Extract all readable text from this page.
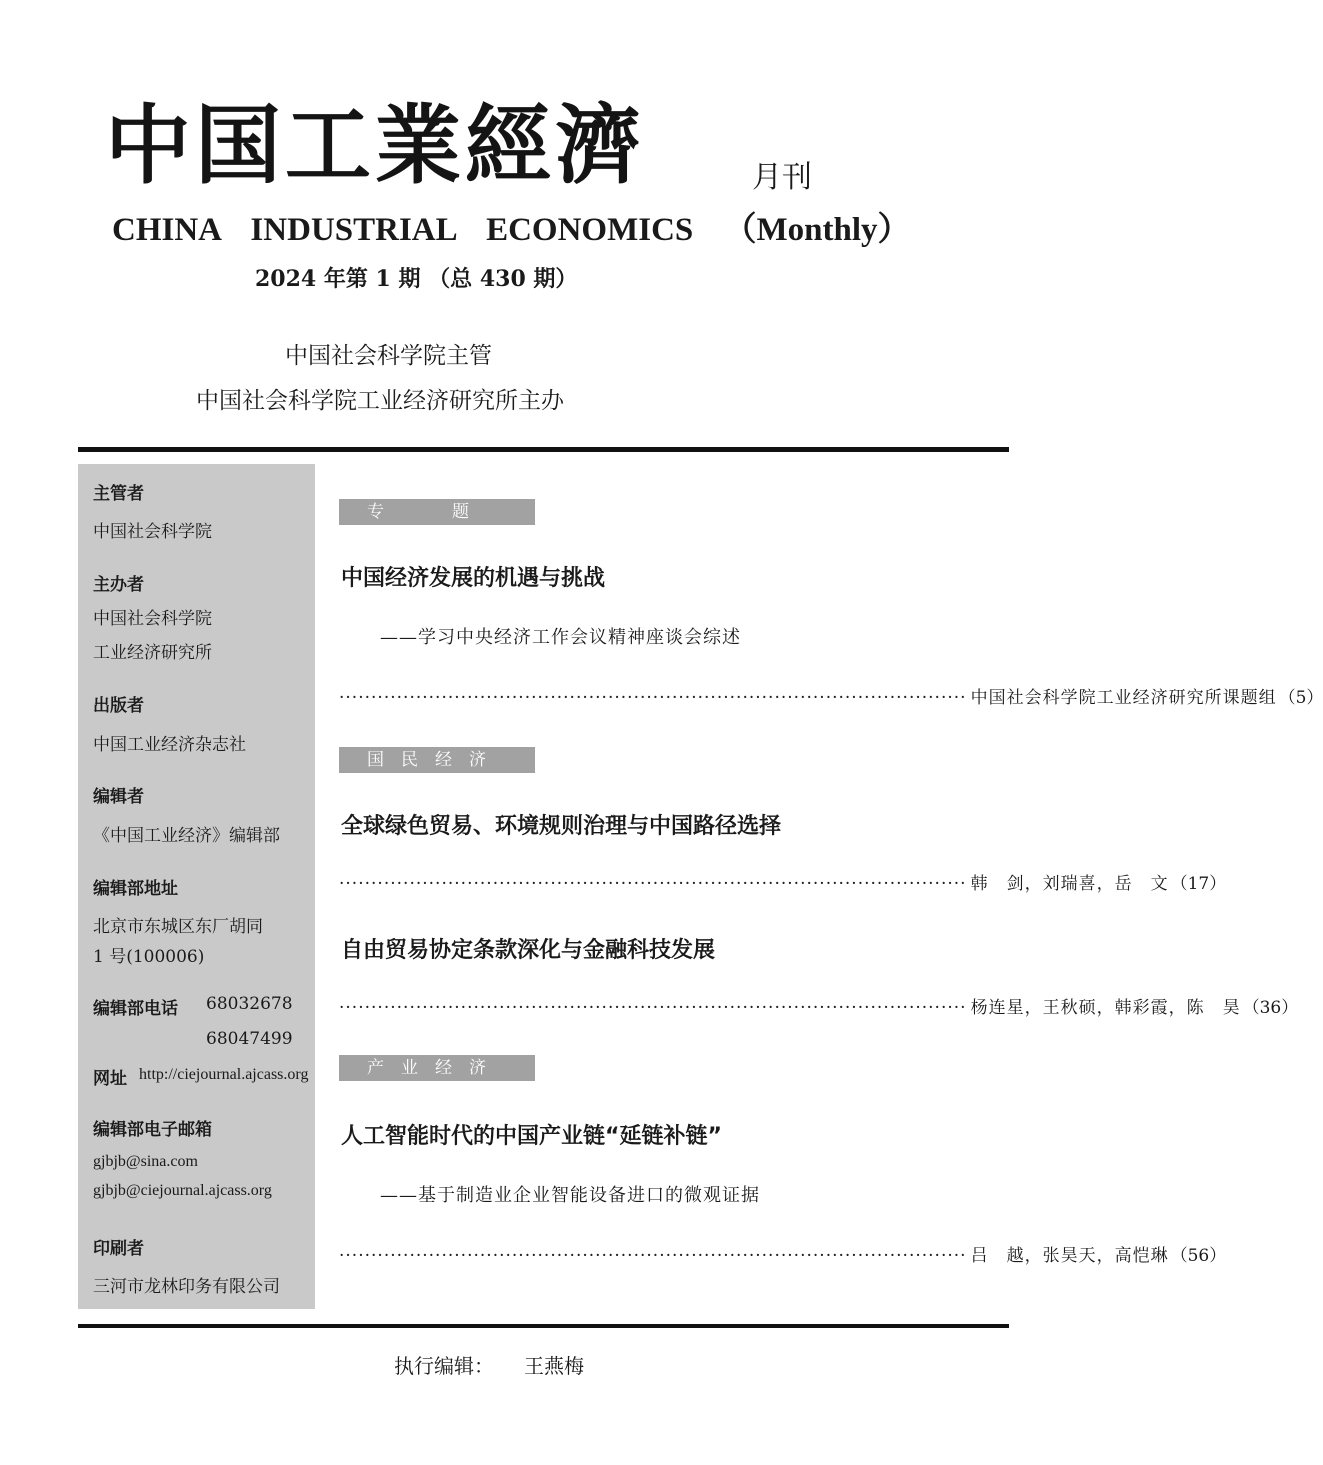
中国工業經濟	月刊
CHINA INDUSTRIAL ECONOMICS （Monthly）
2024 年第 1 期 （总 430 期）
中国社会科学院主管
中国社会科学院工业经济研究所主办
主管者
中国社会科学院
主办者
中国社会科学院
工业经济研究所
出版者
中国工业经济杂志社
编辑者
《中国工业经济》编辑部
编辑部地址
北京市东城区东厂胡同
1 号(100006)
编辑部电话 68032678
68047499
网址 http://ciejournal.ajcass.org
编辑部电子邮箱
gjbjb@sina.com
gjbjb@ciejournal.ajcass.org
印刷者
三河市龙林印务有限公司
专　　　　题
中国经济发展的机遇与挑战
——学习中央经济工作会议精神座谈会综述
·································································································· 中国社会科学院工业经济研究所课题组 （5）
国　民　经　济
全球绿色贸易、环境规则治理与中国路径选择
·································································································· 韩　剑，刘瑞喜，岳　文 （17）
自由贸易协定条款深化与金融科技发展
·································································································· 杨连星，王秋硕，韩彩霞，陈　昊 （36）
产　业　经　济
人工智能时代的中国产业链“延链补链”
——基于制造业企业智能设备进口的微观证据
·································································································· 吕　越，张昊天，高恺琳 （56）
执行编辑： 王燕梅
